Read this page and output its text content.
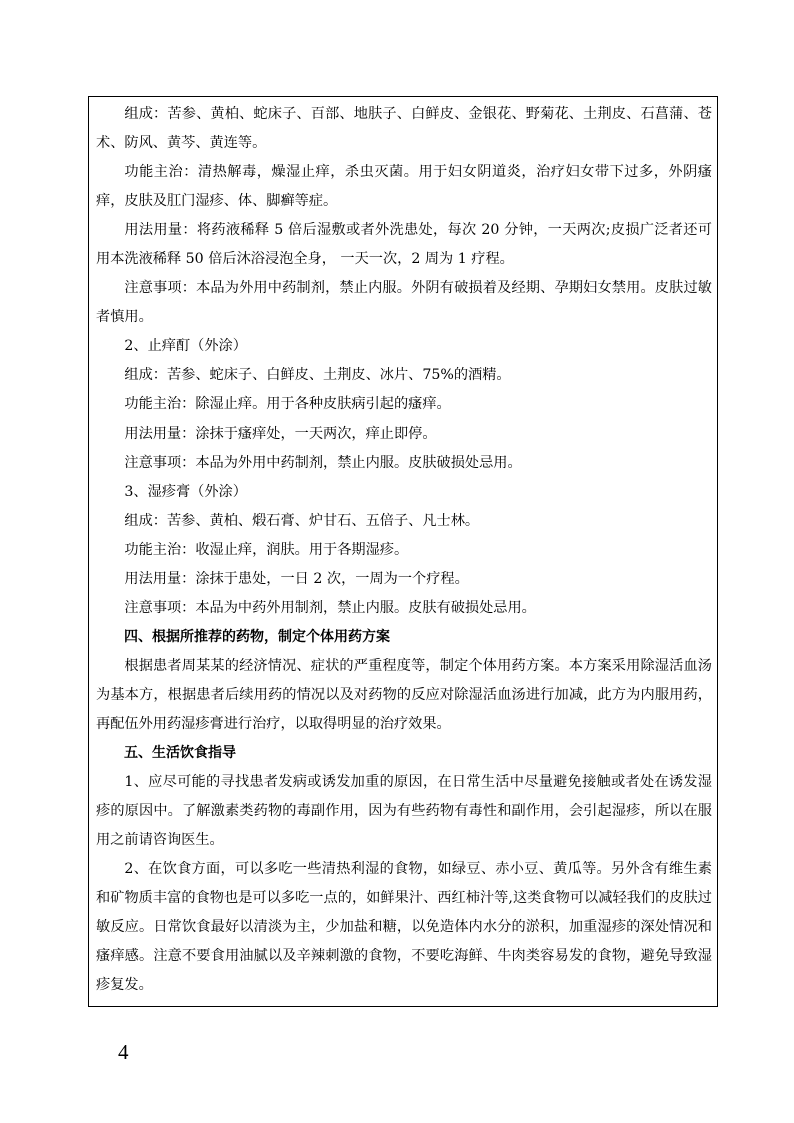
组成：苦参、黄柏、蛇床子、百部、地肤子、白鲜皮、金银花、野菊花、土荆皮、石菖蒲、苍术、防风、黄芩、黄连等。

功能主治：清热解毒，燥湿止痒，杀虫灭菌。用于妇女阴道炎，治疗妇女带下过多，外阴瘙痒，皮肤及肛门湿疹、体、脚癣等症。

用法用量：将药液稀释 5 倍后湿敷或者外洗患处，每次 20 分钟，一天两次;皮损广泛者还可用本洗液稀释 50 倍后沐浴浸泡全身， 一天一次，2 周为 1 疗程。

注意事项：本品为外用中药制剂，禁止内服。外阴有破损着及经期、孕期妇女禁用。皮肤过敏者慎用。

2、止痒酊（外涂）

组成：苦参、蛇床子、白鲜皮、土荆皮、冰片、75%的酒精。

功能主治：除湿止痒。用于各种皮肤病引起的瘙痒。

用法用量：涂抹于瘙痒处，一天两次，痒止即停。

注意事项：本品为外用中药制剂，禁止内服。皮肤破损处忌用。

3、湿疹膏（外涂）

组成：苦参、黄柏、煅石膏、炉甘石、五倍子、凡士林。

功能主治：收湿止痒，润肤。用于各期湿疹。

用法用量：涂抹于患处，一日 2 次，一周为一个疗程。

注意事项：本品为中药外用制剂，禁止内服。皮肤有破损处忌用。

四、根据所推荐的药物，制定个体用药方案

根据患者周某某的经济情况、症状的严重程度等，制定个体用药方案。本方案采用除湿活血汤为基本方，根据患者后续用药的情况以及对药物的反应对除湿活血汤进行加减，此方为内服用药，再配伍外用药湿疹膏进行治疗，以取得明显的治疗效果。

五、生活饮食指导

1、应尽可能的寻找患者发病或诱发加重的原因，在日常生活中尽量避免接触或者处在诱发湿疹的原因中。了解激素类药物的毒副作用，因为有些药物有毒性和副作用，会引起湿疹，所以在服用之前请咨询医生。

2、在饮食方面，可以多吃一些清热利湿的食物，如绿豆、赤小豆、黄瓜等。另外含有维生素和矿物质丰富的食物也是可以多吃一点的，如鲜果汁、西红柿汁等,这类食物可以减轻我们的皮肤过敏反应。日常饮食最好以清淡为主，少加盐和糖，以免造体内水分的淤积，加重湿疹的深处情况和瘙痒感。注意不要食用油腻以及辛辣刺激的食物，不要吃海鲜、牛肉类容易发的食物，避免导致湿疹复发。

4
